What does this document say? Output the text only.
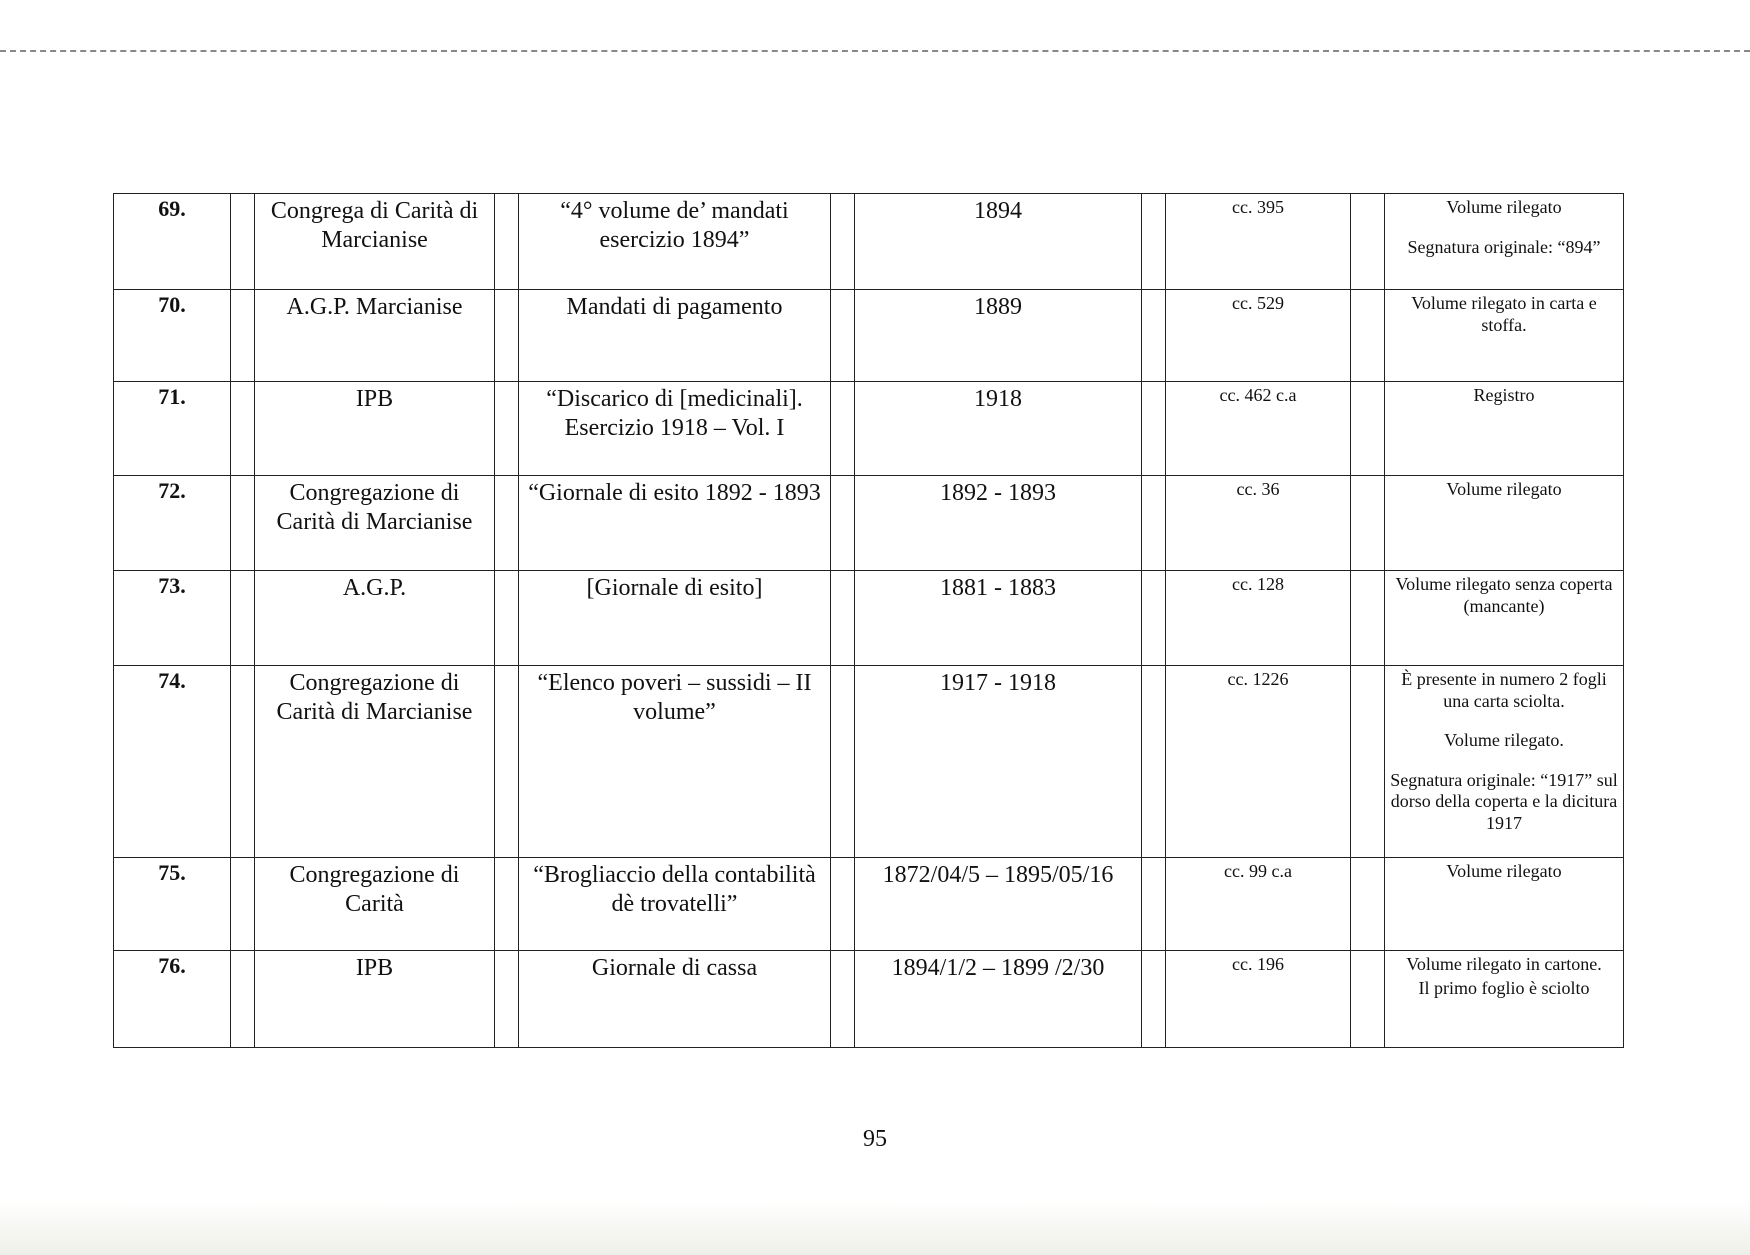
69.		Congrega di Carità di Marcianise		“4° volume de’ mandati esercizio 1894”		1894		cc. 395		Volume rilegato

Segnatura originale: “894”

70.		A.G.P. Marcianise		Mandati di pagamento		1889		cc. 529		Volume rilegato in carta e stoffa.

71.		IPB		“Discarico di [medicinali]. Esercizio 1918 – Vol. I		1918		cc. 462 c.a		Registro

72.		Congregazione di Carità di Marcianise		“Giornale di esito 1892 - 1893		1892 - 1893		cc. 36		Volume rilegato

73.		A.G.P.		[Giornale di esito]		1881 - 1883		cc. 128		Volume rilegato senza coperta (mancante)

74.		Congregazione di Carità di Marcianise		“Elenco poveri – sussidi – II volume”		1917 - 1918		cc. 1226		È presente in numero 2 fogli una carta sciolta.

Volume rilegato.

Segnatura originale: “1917” sul dorso della coperta e la dicitura 1917

75.		Congregazione di Carità		“Brogliaccio della contabilità dè trovatelli”		1872/04/5 – 1895/05/16		cc. 99 c.a		Volume rilegato

76.		IPB		Giornale di cassa		1894/1/2 – 1899 /2/30		cc. 196		Volume rilegato in cartone.

Il primo foglio è sciolto

95
